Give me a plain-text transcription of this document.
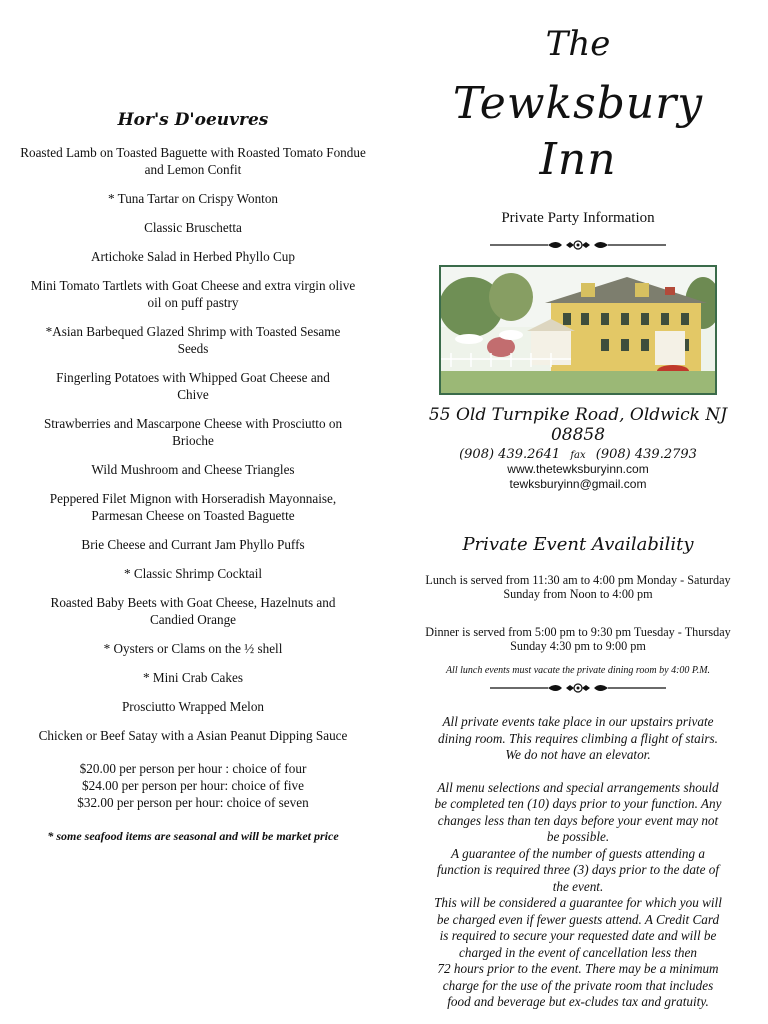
Hor's D'oeuvres
Roasted Lamb on Toasted Baguette with Roasted Tomato Fondue and Lemon Confit
* Tuna Tartar on Crispy Wonton
Classic Bruschetta
Artichoke Salad in Herbed Phyllo Cup
Mini Tomato Tartlets with Goat Cheese and extra virgin olive oil on puff pastry
*Asian Barbequed Glazed Shrimp with Toasted Sesame Seeds
Fingerling Potatoes with Whipped Goat Cheese and Chive
Strawberries and Mascarpone Cheese with Prosciutto on Brioche
Wild Mushroom and Cheese Triangles
Peppered Filet Mignon with Horseradish Mayonnaise, Parmesan Cheese on Toasted Baguette
Brie Cheese and Currant Jam Phyllo Puffs
* Classic Shrimp Cocktail
Roasted Baby Beets with Goat Cheese, Hazelnuts and Candied Orange
* Oysters or Clams on the ½ shell
* Mini Crab Cakes
Prosciutto Wrapped Melon
Chicken or Beef Satay with a Asian Peanut Dipping Sauce
$20.00 per person per hour : choice of four
$24.00 per person per hour: choice of five
$32.00 per person per hour: choice of seven
* some seafood items are seasonal and will be market price
The
Tewksbury Inn
Private Party Information
55 Old Turnpike Road, Oldwick NJ 08858
(908) 439.2641 fax (908) 439.2793
www.thetewksburyinn.com
tewksburyinn@gmail.com
Private Event Availability
Lunch is served from 11:30 am to 4:00 pm Monday - Saturday
Sunday from Noon to 4:00 pm
Dinner is served from 5:00 pm to 9:30 pm Tuesday - Thursday
Sunday 4:30 pm to 9:00 pm
All lunch events must vacate the private dining room by 4:00 P.M.

All private events take place in our upstairs private dining room. This requires climbing a flight of stairs. We do not have an elevator.

All menu selections and special arrangements should be completed ten (10) days prior to your function. Any changes less than ten days before your event may not be possible.

A guarantee of the number of guests attending a function is required three (3) days prior to the date of the event.

This will be considered a guarantee for which you will be charged even if fewer guests attend. A Credit Card is required to secure your requested date and will be charged in the event of cancellation less then

72 hours prior to the event. There may be a minimum charge for the use of the private room that includes food and beverage but ex-cludes tax and gratuity.
